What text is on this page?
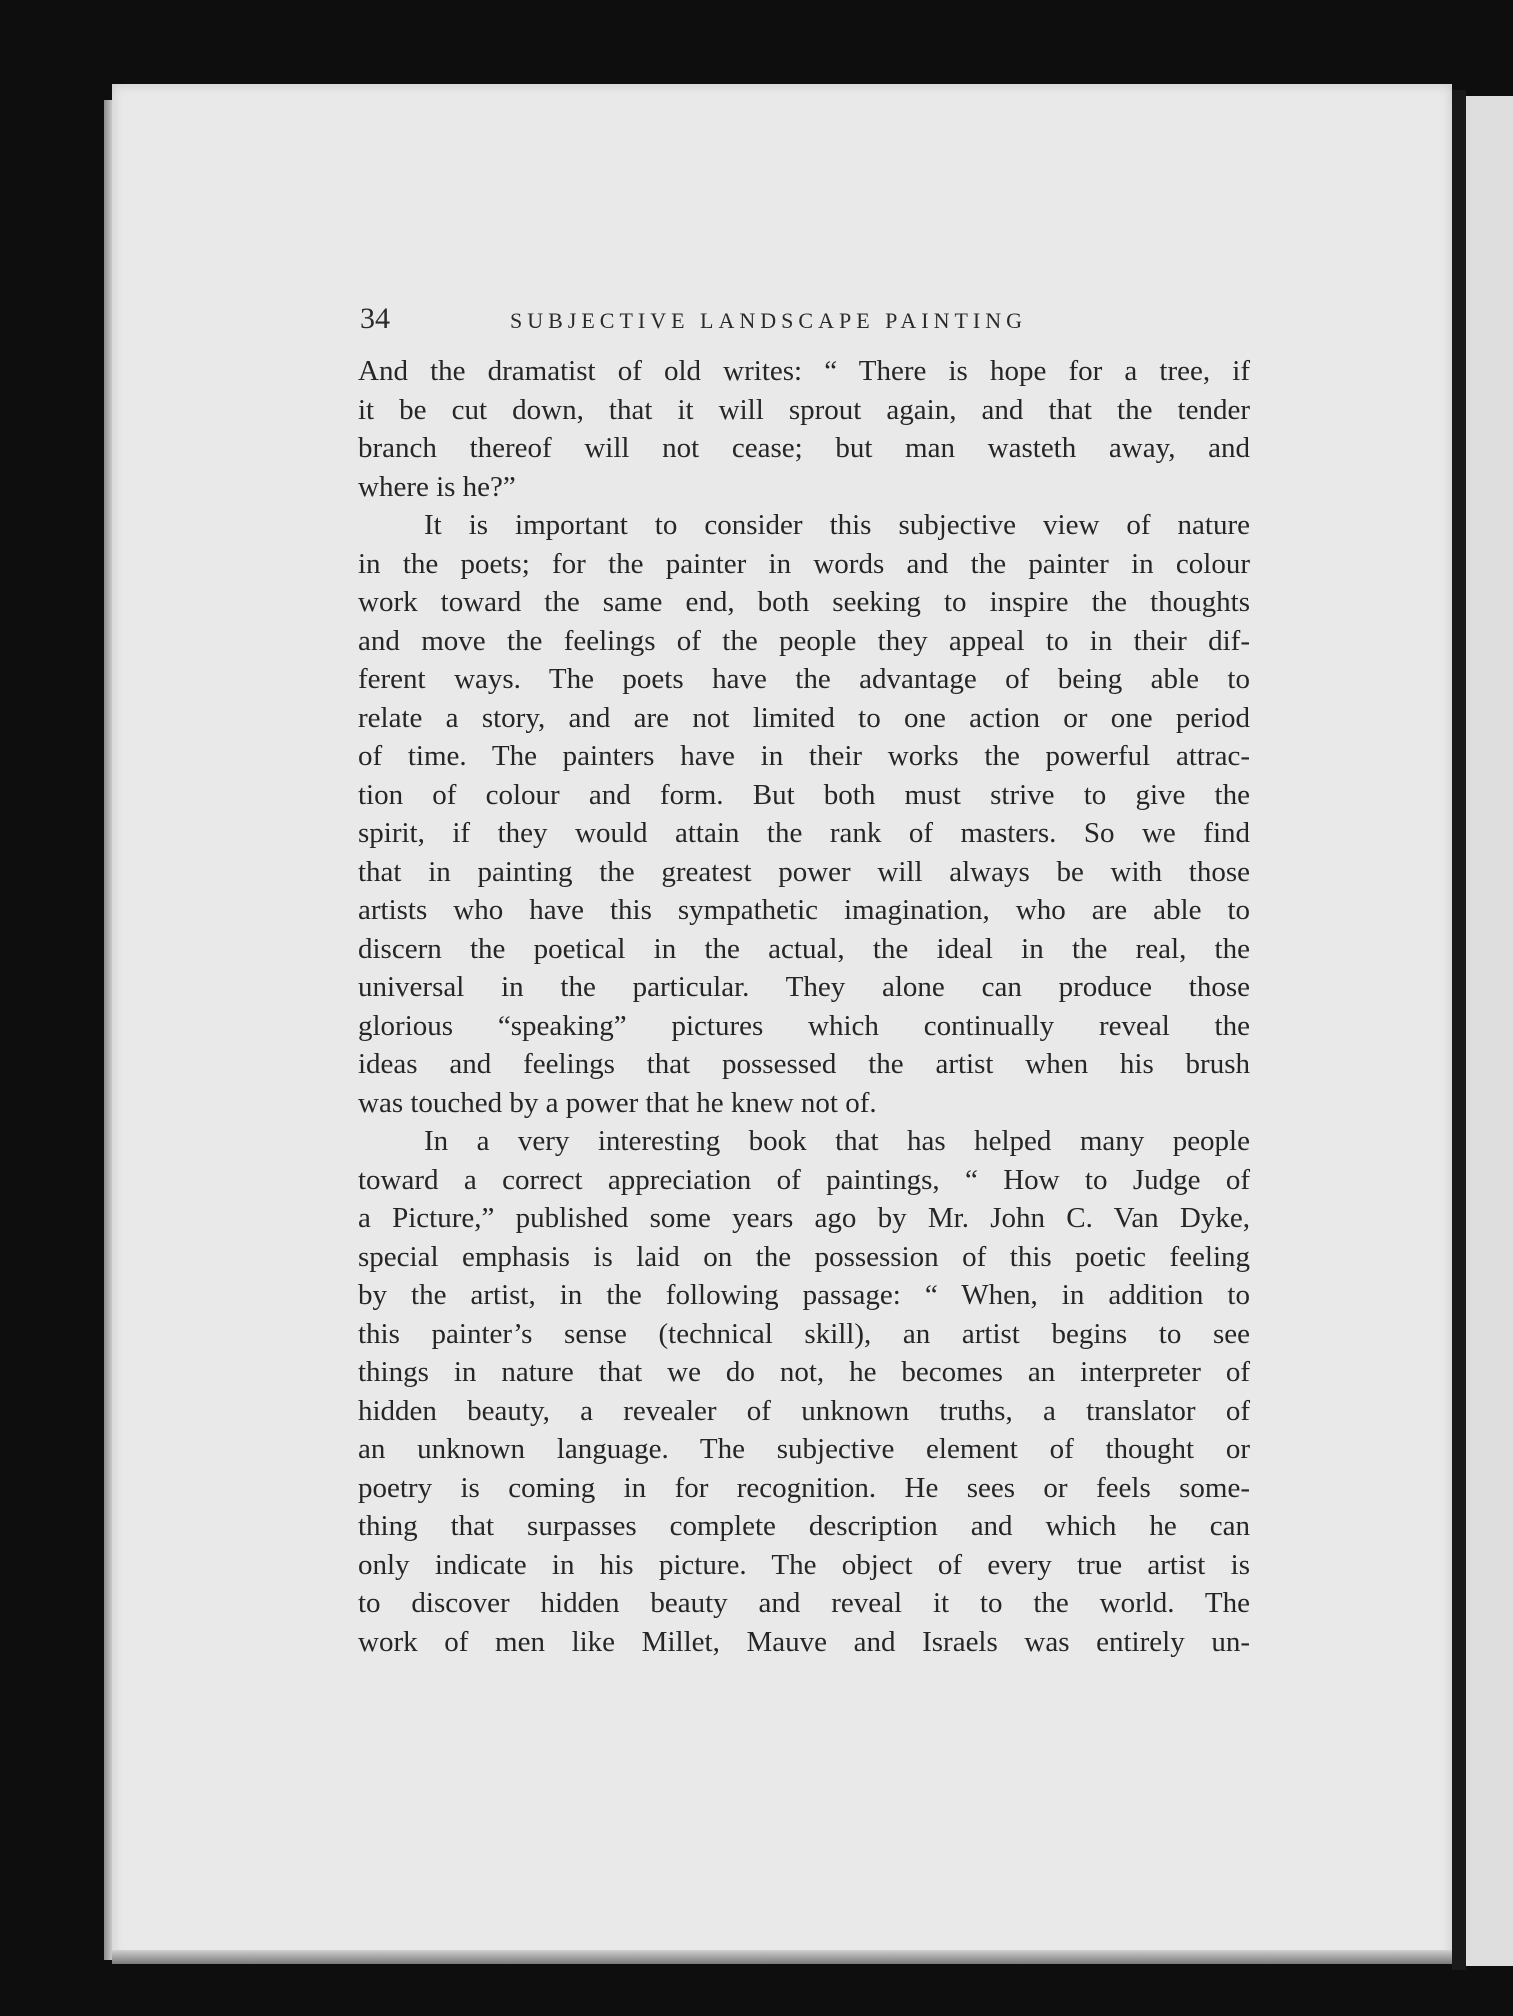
34	SUBJECTIVE LANDSCAPE PAINTING
And the dramatist of old writes: “ There is hope for a tree, if
it be cut down, that it will sprout again, and that the tender
branch thereof will not cease; but man wasteth away, and
where is he?”
It is important to consider this subjective view of nature
in the poets; for the painter in words and the painter in colour
work toward the same end, both seeking to inspire the thoughts
and move the feelings of the people they appeal to in their dif-
ferent ways. The poets have the advantage of being able to
relate a story, and are not limited to one action or one period
of time. The painters have in their works the powerful attrac-
tion of colour and form. But both must strive to give the
spirit, if they would attain the rank of masters. So we find
that in painting the greatest power will always be with those
artists who have this sympathetic imagination, who are able to
discern the poetical in the actual, the ideal in the real, the
universal in the particular. They alone can produce those
glorious “speaking” pictures which continually reveal the
ideas and feelings that possessed the artist when his brush
was touched by a power that he knew not of.
In a very interesting book that has helped many people
toward a correct appreciation of paintings, “ How to Judge of
a Picture,” published some years ago by Mr. John C. Van Dyke,
special emphasis is laid on the possession of this poetic feeling
by the artist, in the following passage: “ When, in addition to
this painter’s sense (technical skill), an artist begins to see
things in nature that we do not, he becomes an interpreter of
hidden beauty, a revealer of unknown truths, a translator of
an unknown language. The subjective element of thought or
poetry is coming in for recognition. He sees or feels some-
thing that surpasses complete description and which he can
only indicate in his picture. The object of every true artist is
to discover hidden beauty and reveal it to the world. The
work of men like Millet, Mauve and Israels was entirely un-
